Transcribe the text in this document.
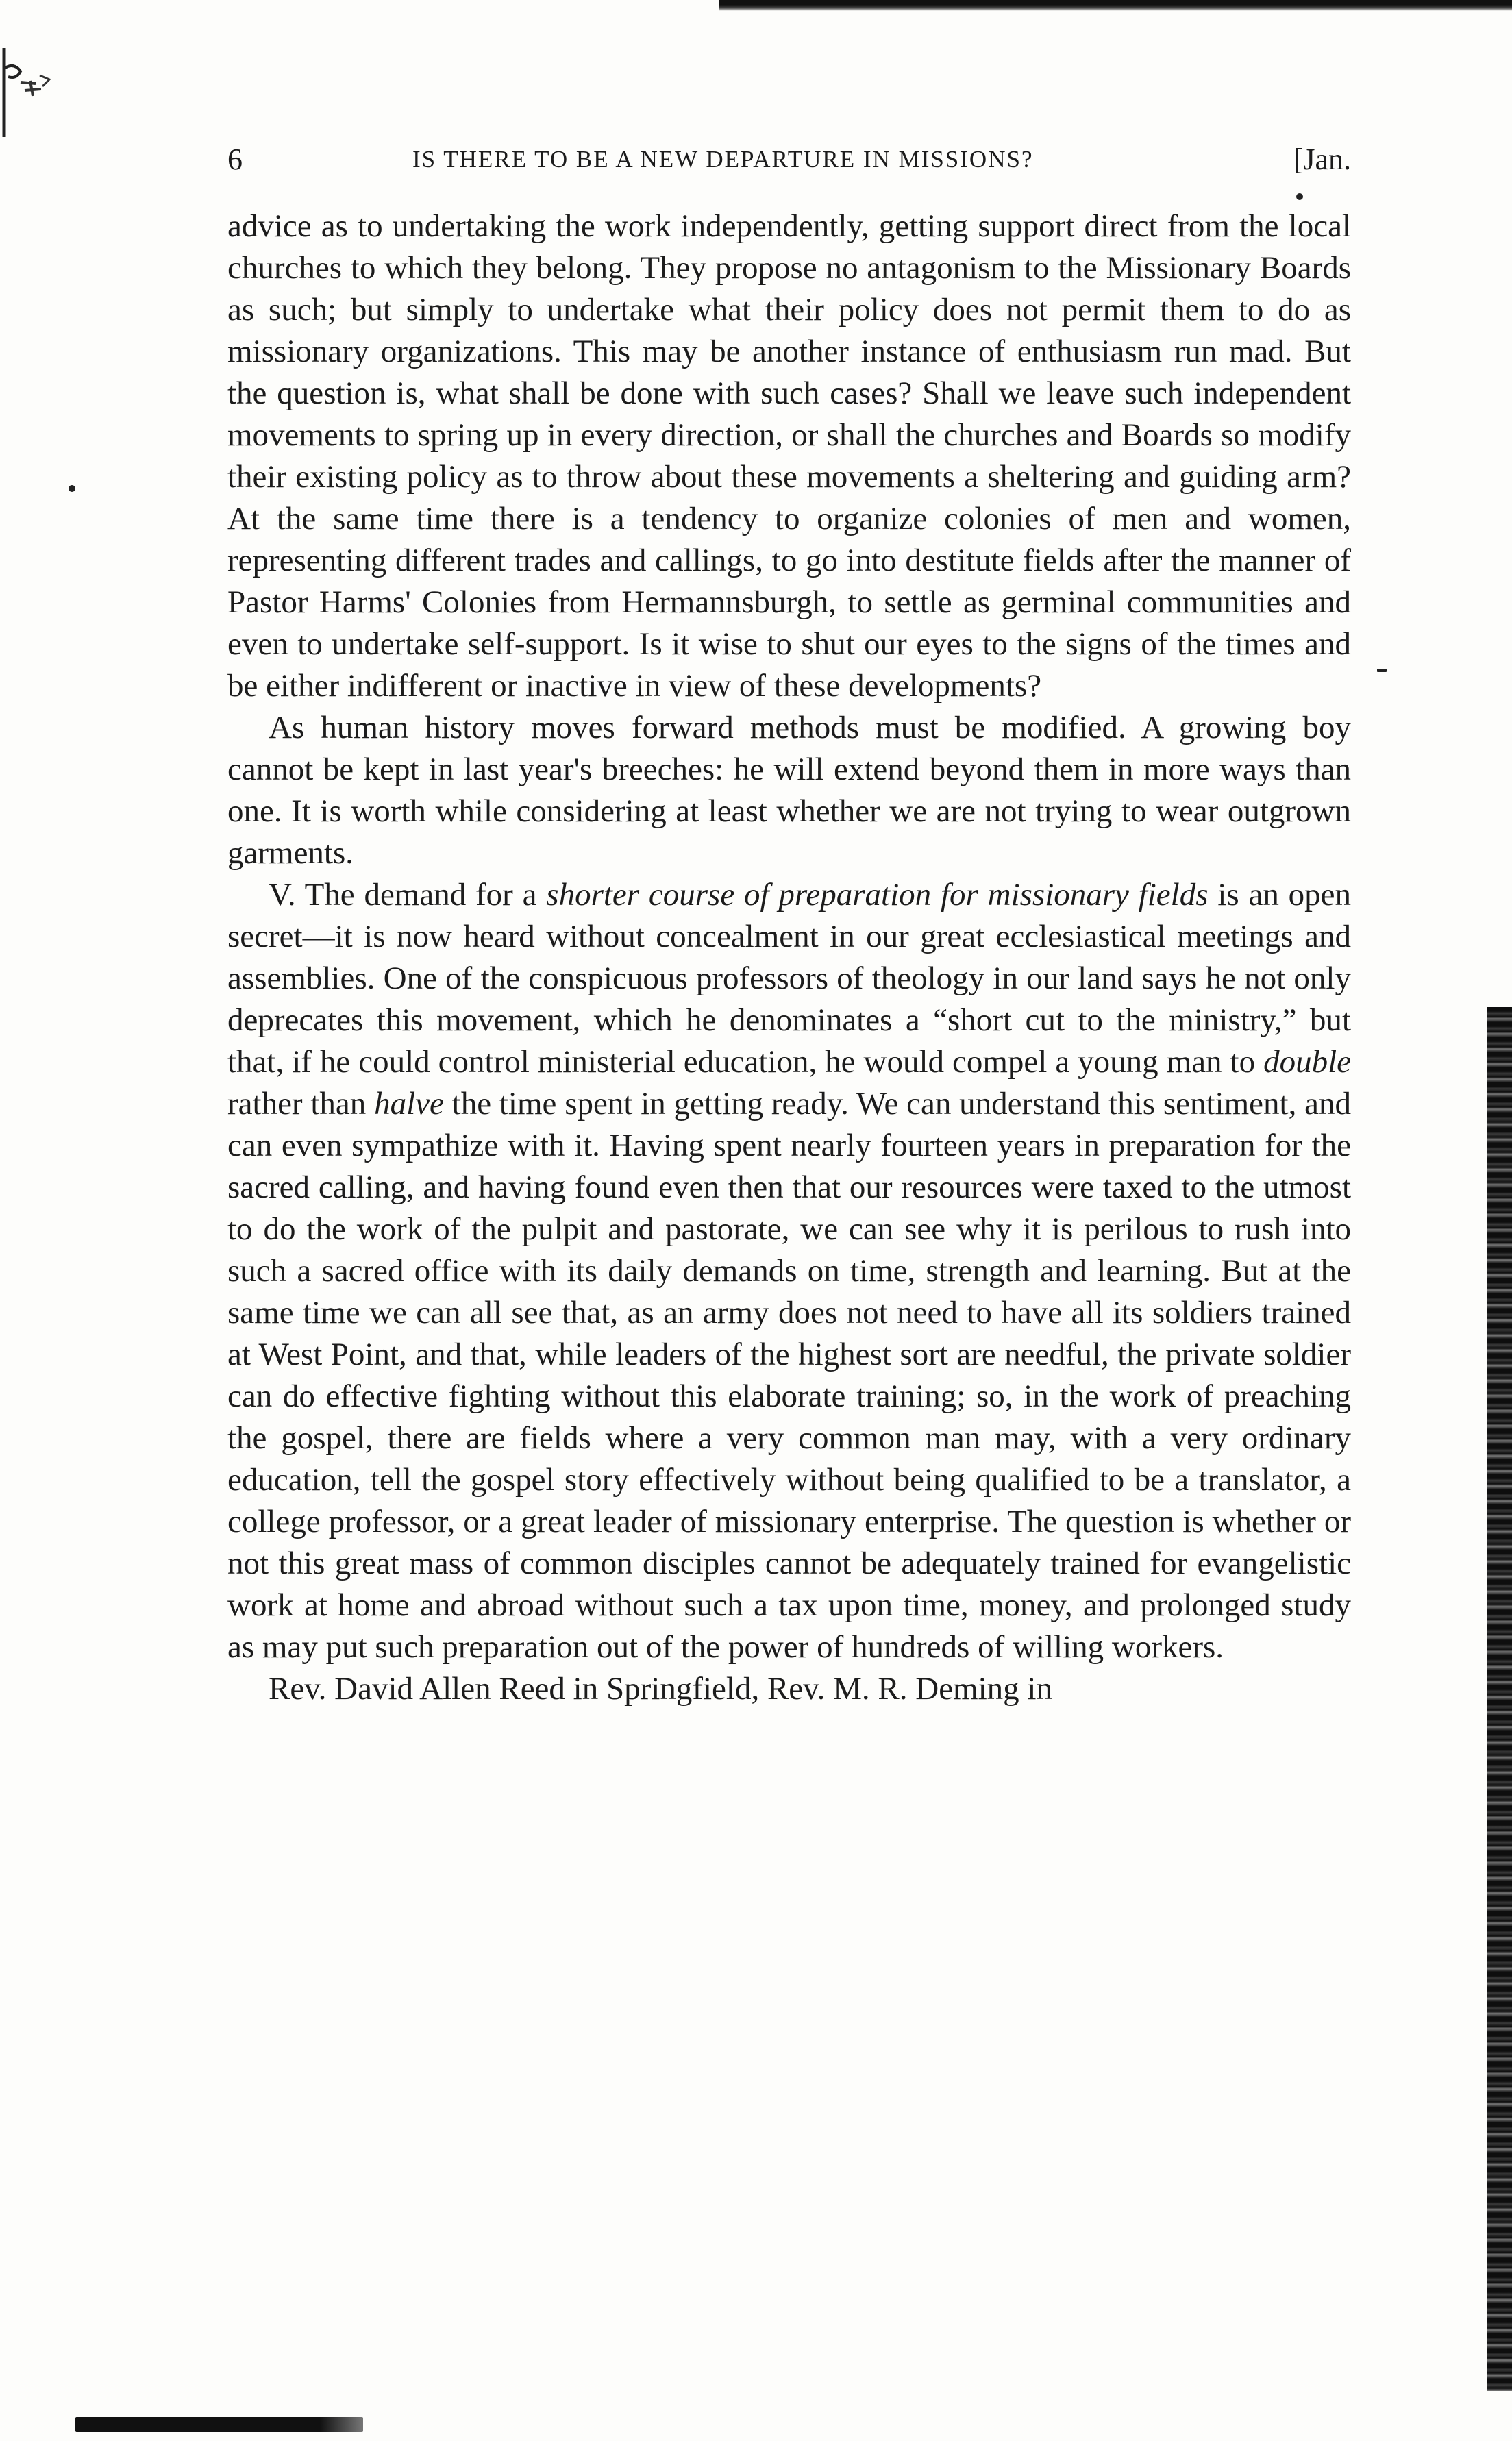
6	IS THERE TO BE A NEW DEPARTURE IN MISSIONS?	[Jan.

advice as to undertaking the work independently, getting support direct from the local churches to which they belong. They propose no antagonism to the Missionary Boards as such; but simply to undertake what their policy does not permit them to do as missionary organizations. This may be another instance of enthusiasm run mad. But the question is, what shall be done with such cases? Shall we leave such independent movements to spring up in every direction, or shall the churches and Boards so modify their existing policy as to throw about these movements a sheltering and guiding arm? At the same time there is a tendency to organize colonies of men and women, representing different trades and callings, to go into destitute fields after the manner of Pastor Harms' Colonies from Hermannsburgh, to settle as germinal communities and even to undertake self-support. Is it wise to shut our eyes to the signs of the times and be either indifferent or inactive in view of these developments?

As human history moves forward methods must be modified. A growing boy cannot be kept in last year's breeches: he will extend beyond them in more ways than one. It is worth while considering at least whether we are not trying to wear outgrown garments.

V. The demand for a shorter course of preparation for missionary fields is an open secret—it is now heard without concealment in our great ecclesiastical meetings and assemblies. One of the conspicuous professors of theology in our land says he not only deprecates this movement, which he denominates a “short cut to the ministry,” but that, if he could control ministerial education, he would compel a young man to double rather than halve the time spent in getting ready. We can understand this sentiment, and can even sympathize with it. Having spent nearly fourteen years in preparation for the sacred calling, and having found even then that our resources were taxed to the utmost to do the work of the pulpit and pastorate, we can see why it is perilous to rush into such a sacred office with its daily demands on time, strength and learning. But at the same time we can all see that, as an army does not need to have all its soldiers trained at West Point, and that, while leaders of the highest sort are needful, the private soldier can do effective fighting without this elaborate training; so, in the work of preaching the gospel, there are fields where a very common man may, with a very ordinary education, tell the gospel story effectively without being qualified to be a translator, a college professor, or a great leader of missionary enterprise. The question is whether or not this great mass of common disciples cannot be adequately trained for evangelistic work at home and abroad without such a tax upon time, money, and prolonged study as may put such preparation out of the power of hundreds of willing workers.

Rev. David Allen Reed in Springfield, Rev. M. R. Deming in
